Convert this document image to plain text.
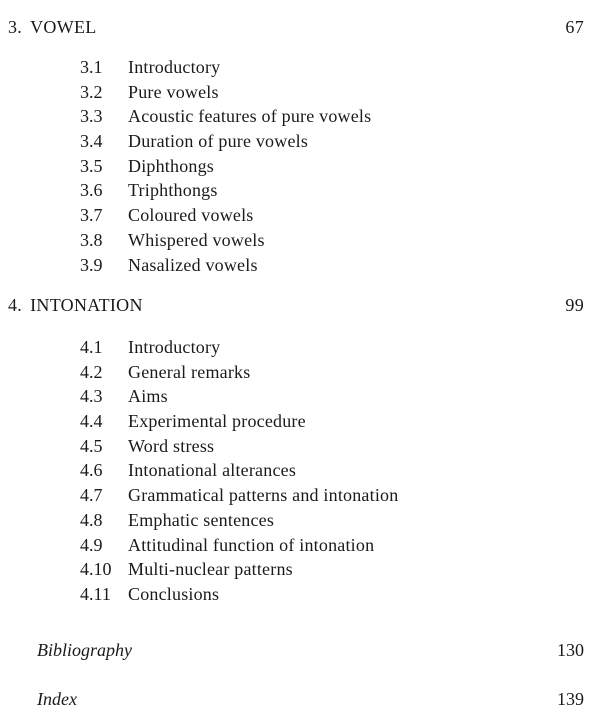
3. VOWEL	67
3.1	Introductory
3.2	Pure vowels
3.3	Acoustic features of pure vowels
3.4	Duration of pure vowels
3.5	Diphthongs
3.6	Triphthongs
3.7	Coloured vowels
3.8	Whispered vowels
3.9	Nasalized vowels
4. INTONATION	99
4.1	Introductory
4.2	General remarks
4.3	Aims
4.4	Experimental procedure
4.5	Word stress
4.6	Intonational alterances
4.7	Grammatical patterns and intonation
4.8	Emphatic sentences
4.9	Attitudinal function of intonation
4.10 Multi-nuclear patterns
4.11 Conclusions
Bibliography	130
Index	139
